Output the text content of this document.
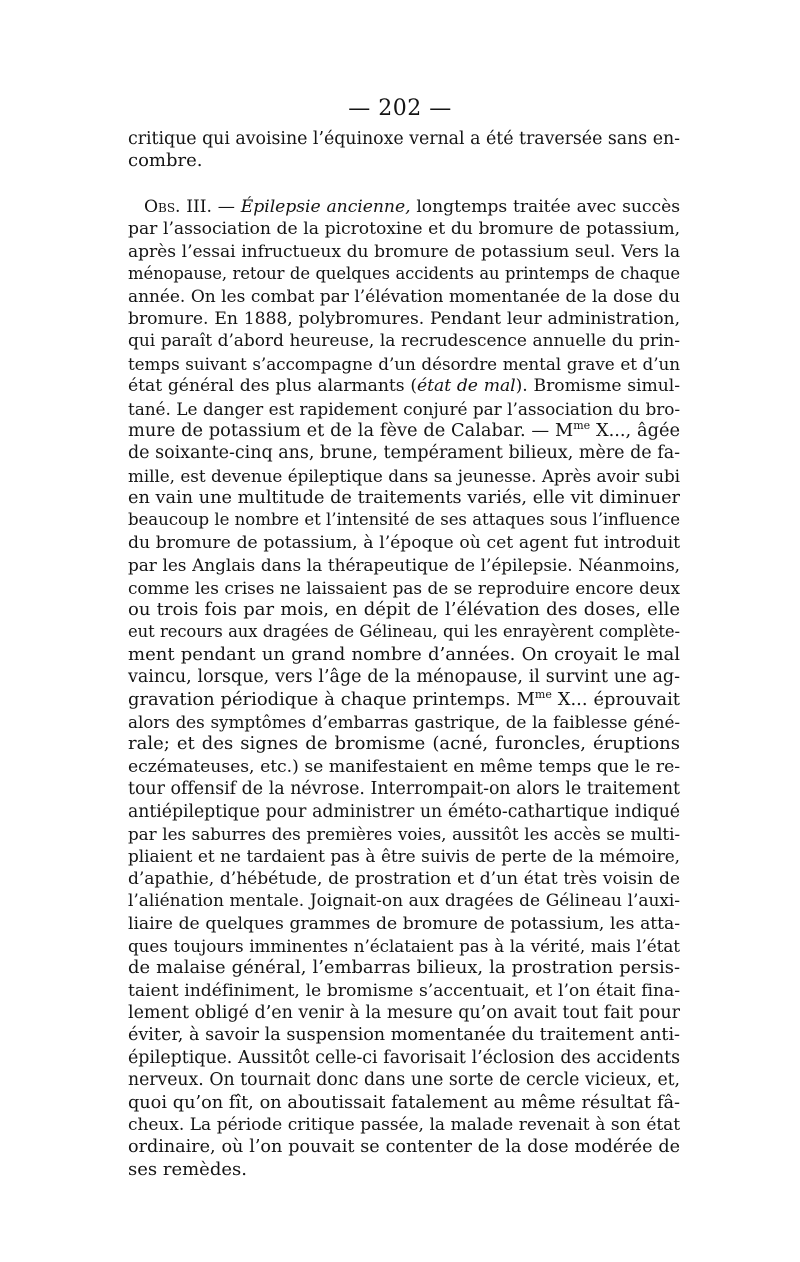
— 202 —
critique qui avoisine l’équinoxe vernal a été traversée sans en-
combre.
Obs. III. — Épilepsie ancienne, longtemps traitée avec succès
par l’association de la picrotoxine et du bromure de potassium,
après l’essai infructueux du bromure de potassium seul. Vers la
ménopause, retour de quelques accidents au printemps de chaque
année. On les combat par l’élévation momentanée de la dose du
bromure. En 1888, polybromures. Pendant leur administration,
qui paraît d’abord heureuse, la recrudescence annuelle du prin-
temps suivant s’accompagne d’un désordre mental grave et d’un
état général des plus alarmants (état de mal). Bromisme simul-
tané. Le danger est rapidement conjuré par l’association du bro-
mure de potassium et de la fève de Calabar. — $M^{me}$ X..., âgée
de soixante-cinq ans, brune, tempérament bilieux, mère de fa-
mille, est devenue épileptique dans sa jeunesse. Après avoir subi
en vain une multitude de traitements variés, elle vit diminuer
beaucoup le nombre et l’intensité de ses attaques sous l’influence
du bromure de potassium, à l’époque où cet agent fut introduit
par les Anglais dans la thérapeutique de l’épilepsie. Néanmoins,
comme les crises ne laissaient pas de se reproduire encore deux
ou trois fois par mois, en dépit de l’élévation des doses, elle
eut recours aux dragées de Gélineau, qui les enrayèrent complète-
ment pendant un grand nombre d’années. On croyait le mal
vaincu, lorsque, vers l’âge de la ménopause, il survint une ag-
gravation périodique à chaque printemps. $M^{me}$ X... éprouvait
alors des symptômes d’embarras gastrique, de la faiblesse géné-
rale; et des signes de bromisme (acné, furoncles, éruptions
eczémateuses, etc.) se manifestaient en même temps que le re-
tour offensif de la névrose. Interrompait-on alors le traitement
antiépileptique pour administrer un éméto-cathartique indiqué
par les saburres des premières voies, aussitôt les accès se multi-
pliaient et ne tardaient pas à être suivis de perte de la mémoire,
d’apathie, d’hébétude, de prostration et d’un état très voisin de
l’aliénation mentale. Joignait-on aux dragées de Gélineau l’auxi-
liaire de quelques grammes de bromure de potassium, les atta-
ques toujours imminentes n’éclataient pas à la vérité, mais l’état
de malaise général, l’embarras bilieux, la prostration persis-
taient indéfiniment, le bromisme s’accentuait, et l’on était fina-
lement obligé d’en venir à la mesure qu’on avait tout fait pour
éviter, à savoir la suspension momentanée du traitement anti-
épileptique. Aussitôt celle-ci favorisait l’éclosion des accidents
nerveux. On tournait donc dans une sorte de cercle vicieux, et,
quoi qu’on fît, on aboutissait fatalement au même résultat fâ-
cheux. La période critique passée, la malade revenait à son état
ordinaire, où l’on pouvait se contenter de la dose modérée de
ses remèdes.
